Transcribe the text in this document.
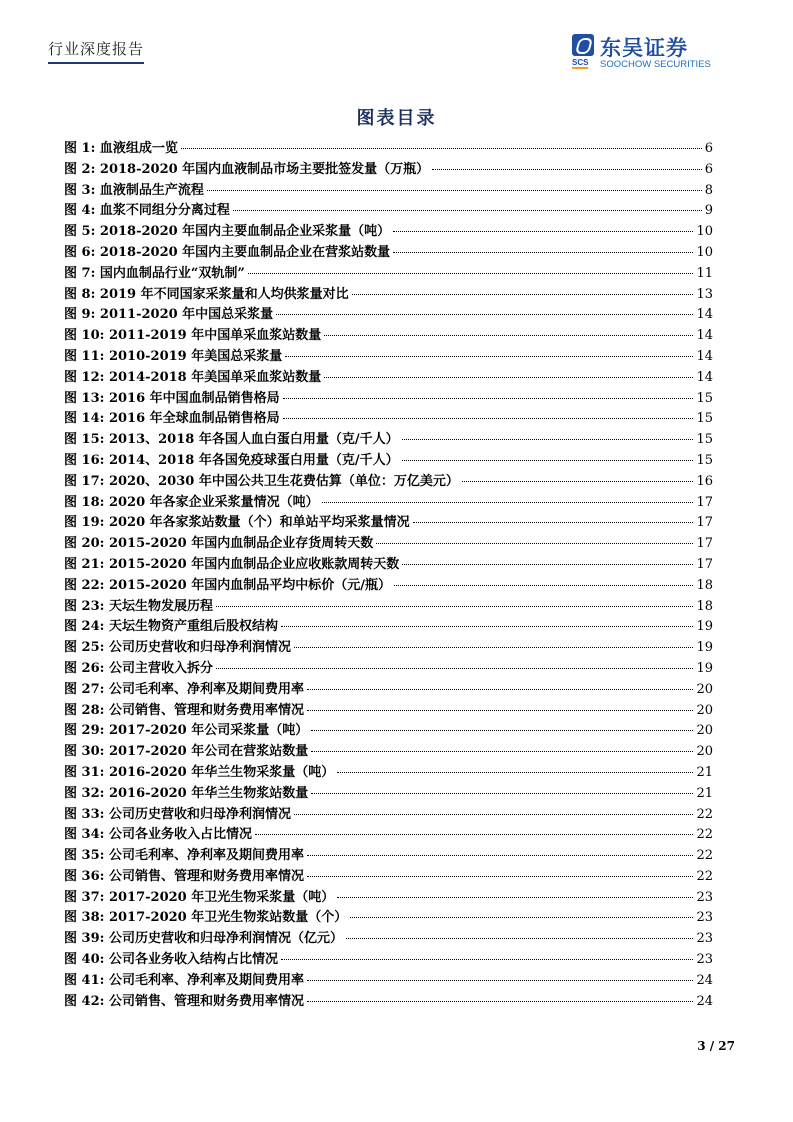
行业深度报告
SCS
东吴证券
SOOCHOW SECURITIES
图表目录
图 1: 血液组成一览	6
图 2: 2018-2020 年国内血液制品市场主要批签发量（万瓶）	6
图 3: 血液制品生产流程	8
图 4: 血浆不同组分分离过程	9
图 5: 2018-2020 年国内主要血制品企业采浆量（吨）	10
图 6: 2018-2020 年国内主要血制品企业在营浆站数量	10
图 7: 国内血制品行业“双轨制”	11
图 8: 2019 年不同国家采浆量和人均供浆量对比	13
图 9: 2011-2020 年中国总采浆量	14
图 10: 2011-2019 年中国单采血浆站数量	14
图 11: 2010-2019 年美国总采浆量	14
图 12: 2014-2018 年美国单采血浆站数量	14
图 13: 2016 年中国血制品销售格局	15
图 14: 2016 年全球血制品销售格局	15
图 15: 2013、2018 年各国人血白蛋白用量（克/千人）	15
图 16: 2014、2018 年各国免疫球蛋白用量（克/千人）	15
图 17: 2020、2030 年中国公共卫生花费估算（单位：万亿美元）	16
图 18: 2020 年各家企业采浆量情况（吨）	17
图 19: 2020 年各家浆站数量（个）和单站平均采浆量情况	17
图 20: 2015-2020 年国内血制品企业存货周转天数	17
图 21: 2015-2020 年国内血制品企业应收账款周转天数	17
图 22: 2015-2020 年国内血制品平均中标价（元/瓶）	18
图 23: 天坛生物发展历程	18
图 24: 天坛生物资产重组后股权结构	19
图 25: 公司历史营收和归母净利润情况	19
图 26: 公司主营收入拆分	19
图 27: 公司毛利率、净利率及期间费用率	20
图 28: 公司销售、管理和财务费用率情况	20
图 29: 2017-2020 年公司采浆量（吨）	20
图 30: 2017-2020 年公司在营浆站数量	20
图 31: 2016-2020 年华兰生物采浆量（吨）	21
图 32: 2016-2020 年华兰生物浆站数量	21
图 33: 公司历史营收和归母净利润情况	22
图 34: 公司各业务收入占比情况	22
图 35: 公司毛利率、净利率及期间费用率	22
图 36: 公司销售、管理和财务费用率情况	22
图 37: 2017-2020 年卫光生物采浆量（吨）	23
图 38: 2017-2020 年卫光生物浆站数量（个）	23
图 39: 公司历史营收和归母净利润情况（亿元）	23
图 40: 公司各业务收入结构占比情况	23
图 41: 公司毛利率、净利率及期间费用率	24
图 42: 公司销售、管理和财务费用率情况	24
3 / 27
